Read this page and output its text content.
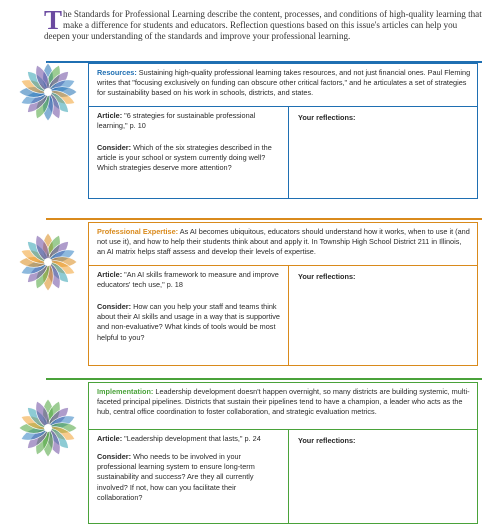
T he Standards for Professional Learning describe the content, processes, and conditions of high-quality learning that make a difference for students and educators. Reflection questions based on this issue's articles can help you deepen your understanding of the standards and improve your professional learning.
Resources: Sustaining high-quality professional learning takes resources, and not just financial ones. Paul Fleming writes that "focusing exclusively on funding can obscure other critical factors," and he articulates a set of strategies for sustainability based on his work in schools, districts, and states.
Article: "6 strategies for sustainable professional learning," p. 10
Consider: Which of the six strategies described in the article is your school or system currently doing well? Which strategies deserve more attention?
Your reflections:
Professional Expertise: As AI becomes ubiquitous, educators should understand how it works, when to use it (and not use it), and how to help their students think about and apply it. In Township High School District 211 in Illinois, an AI matrix helps staff assess and develop their levels of expertise.
Article: "An AI skills framework to measure and improve educators' tech use," p. 18
Consider: How can you help your staff and teams think about their AI skills and usage in a way that is supportive and non-evaluative? What kinds of tools would be most helpful to you?
Your reflections:
Implementation: Leadership development doesn't happen overnight, so many districts are building systemic, multi-faceted principal pipelines. Districts that sustain their pipelines tend to have a champion, a leader who acts as the hub, central office coordination to foster collaboration, and strategic evaluation metrics.
Article: "Leadership development that lasts," p. 24
Consider: Who needs to be involved in your professional learning system to ensure long-term sustainability and success? Are they all currently involved? If not, how can you facilitate their collaboration?
Your reflections:
